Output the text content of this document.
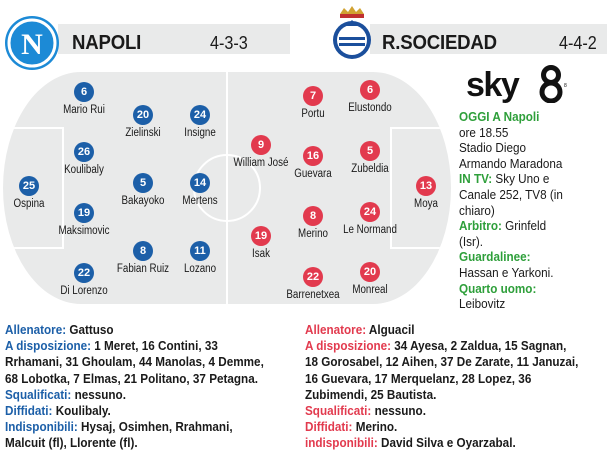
N NAPOLI	4-3-3	R.SOCIEDAD	4-4-2
25
Ospina
6
Mario Rui
26
Koulibaly
19
Maksimovic
22
Di Lorenzo
20
Zielinski
5
Bakayoko
8
Fabian Ruiz
24
Insigne
14
Mertens
11
Lozano
13
Moya
6
Elustondo
5
Zubeldia
24
Le Normand
20
Monreal
7
Portu
16
Guevara
8
Merino
22
Barrenetxea
9
William José
19
Isak
sky	8
OGGI A Napoli
ore 18.55
Stadio Diego
Armando Maradona
IN TV: Sky Uno e
Canale 252, TV8 (in
chiaro)
Arbitro: Grinfeld
(Isr).
Guardalinee:
Hassan e Yarkoni.
Quarto uomo:
Leibovitz
Allenatore: Gattuso
A disposizione: 1 Meret, 16 Contini, 33
Rrhamani, 31 Ghoulam, 44 Manolas, 4 Demme,
68 Lobotka, 7 Elmas, 21 Politano, 37 Petagna.
Squalificati: nessuno.
Diffidati: Koulibaly.
Indisponibili: Hysaj, Osimhen, Rrahmani,
Malcuit (fl), Llorente (fl).
Allenatore: Alguacil
A disposizione: 34 Ayesa, 2 Zaldua, 15 Sagnan,
18 Gorosabel, 12 Aihen, 37 De Zarate, 11 Januzai,
16 Guevara, 17 Merquelanz, 28 Lopez, 36
Zubimendi, 25 Bautista.
Squalificati: nessuno.
Diffidati: Merino.
indisponibili: David Silva e Oyarzabal.
